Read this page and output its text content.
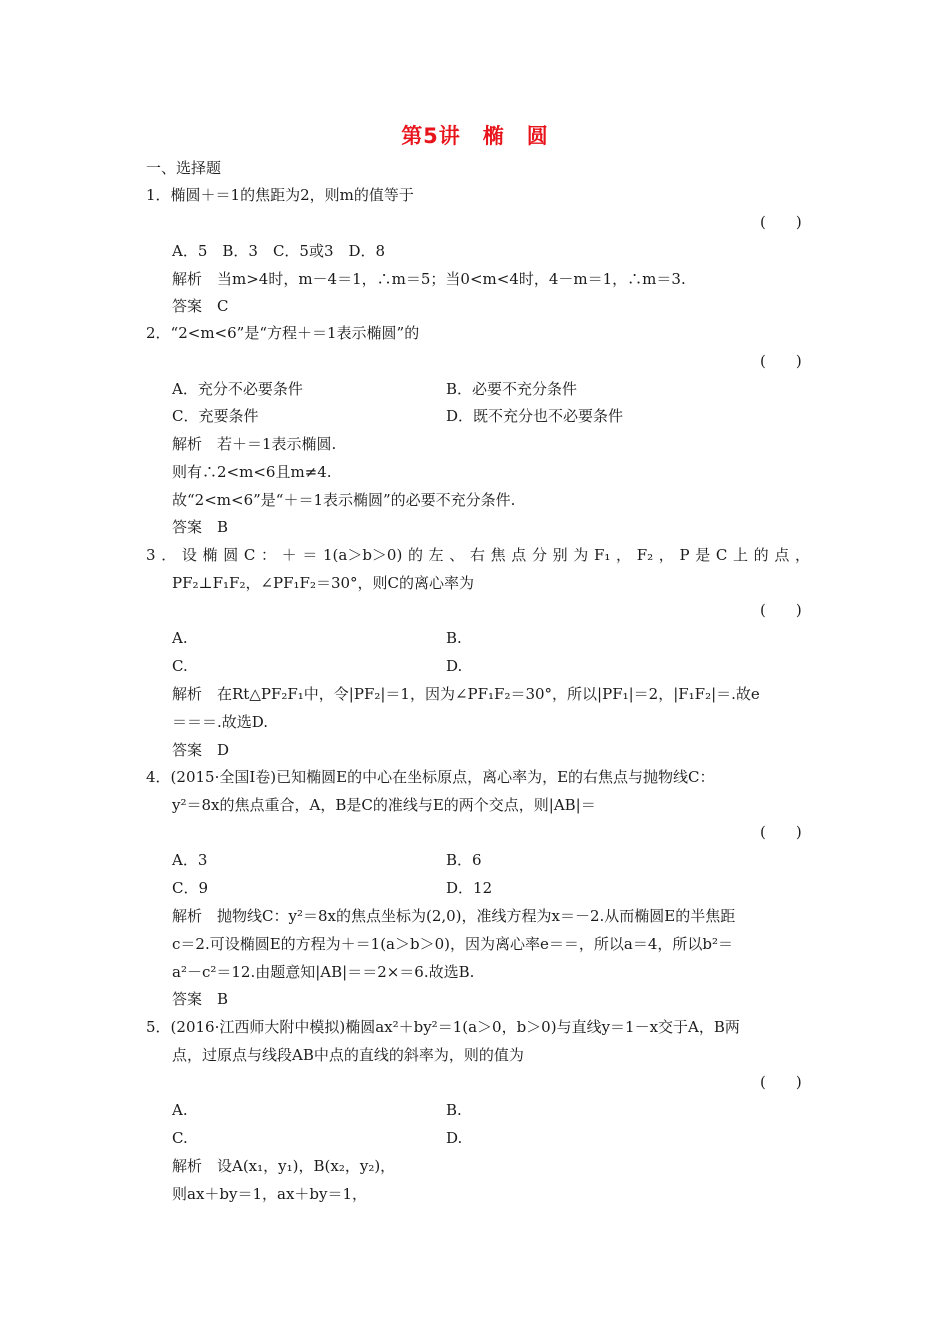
第5讲　椭　圆
一、选择题
1．椭圆＋＝1的焦距为2，则m的值等于
(　　)
A．5　B．3　C．5或3　D．8
解析　当m>4时，m－4＝1，∴m＝5；当0<m<4时，4－m＝1，∴m＝3.
答案　C
2．“2<m<6”是“方程＋＝1表示椭圆”的
(　　)
A．充分不必要条件	B．必要不充分条件
C．充要条件	D．既不充分也不必要条件
解析　若＋＝1表示椭圆.
则有∴2<m<6且m≠4.
故“2<m<6”是“＋＝1表示椭圆”的必要不充分条件.
答案　B
3．设椭圆C：＋＝1(a＞b＞0)的左、右焦点分别为F₁，F₂，P是C上的点，
PF₂⊥F₁F₂，∠PF₁F₂＝30°，则C的离心率为
(　　)
A.	B.
C.	D.
解析　在Rt△PF₂F₁中，令|PF₂|＝1，因为∠PF₁F₂＝30°，所以|PF₁|＝2，|F₁F₂|＝.故e
＝＝＝.故选D.
答案　D
4．(2015·全国Ⅰ卷)已知椭圆E的中心在坐标原点，离心率为，E的右焦点与抛物线C：
y²＝8x的焦点重合，A，B是C的准线与E的两个交点，则|AB|＝
(　　)
A．3	B．6
C．9	D．12
解析　抛物线C：y²＝8x的焦点坐标为(2,0)，准线方程为x＝－2.从而椭圆E的半焦距
c＝2.可设椭圆E的方程为＋＝1(a＞b＞0)，因为离心率e＝＝，所以a＝4，所以b²＝
a²－c²＝12.由题意知|AB|＝＝2×＝6.故选B.
答案　B
5．(2016·江西师大附中模拟)椭圆ax²＋by²＝1(a＞0，b＞0)与直线y＝1－x交于A，B两
点，过原点与线段AB中点的直线的斜率为，则的值为
(　　)
A.	B.
C.	D.
解析　设A(x₁，y₁)，B(x₂，y₂)，
则ax＋by＝1，ax＋by＝1，
